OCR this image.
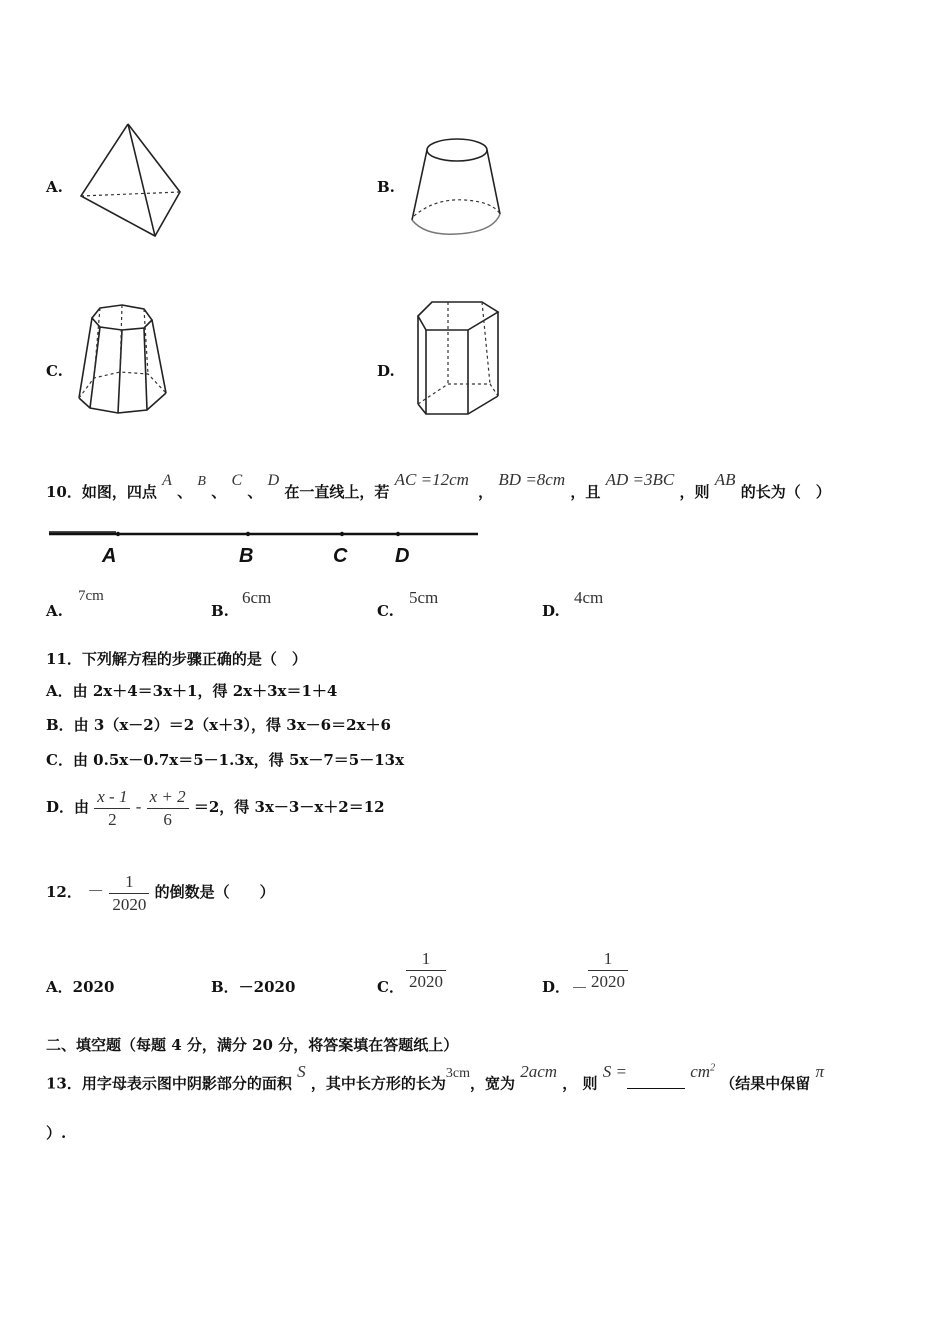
A.	B.
C.	D.
10．如图，四点 A 、 B 、 C 、 D 在一直线上，若 AC =12cm ， BD =8cm ，且 AD =3BC ，则 AB 的长为（　）
A	B	C D
A.
7cm
B.
6cm
C.
5cm
D.
4cm
11．下列解方程的步骤正确的是（　）
A．由 2x＋4＝3x＋1，得 2x＋3x＝1＋4
B．由 3（x－2）＝2（x＋3），得 3x－6＝2x＋6
C．由 0.5x－0.7x＝5－1.3x，得 5x－7＝5－13x
D．由 $\frac{x - 1}{2} - \frac{x + 2}{6} =2$，得 3x－3－x＋2＝12
12． － $\frac{1}{2020}$ 的倒数是（　　）
A．2020	B．－2020	C． $\frac{1}{2020}$	D． － $\frac{1}{2020}$
二、填空题（每题 4 分，满分 20 分，将答案填在答题纸上）
13．用字母表示图中阴影部分的面积 S ，其中长方形的长为3cm，宽为 2acm ， 则 S =	$cm^2$ （结果中保留 π
）.
